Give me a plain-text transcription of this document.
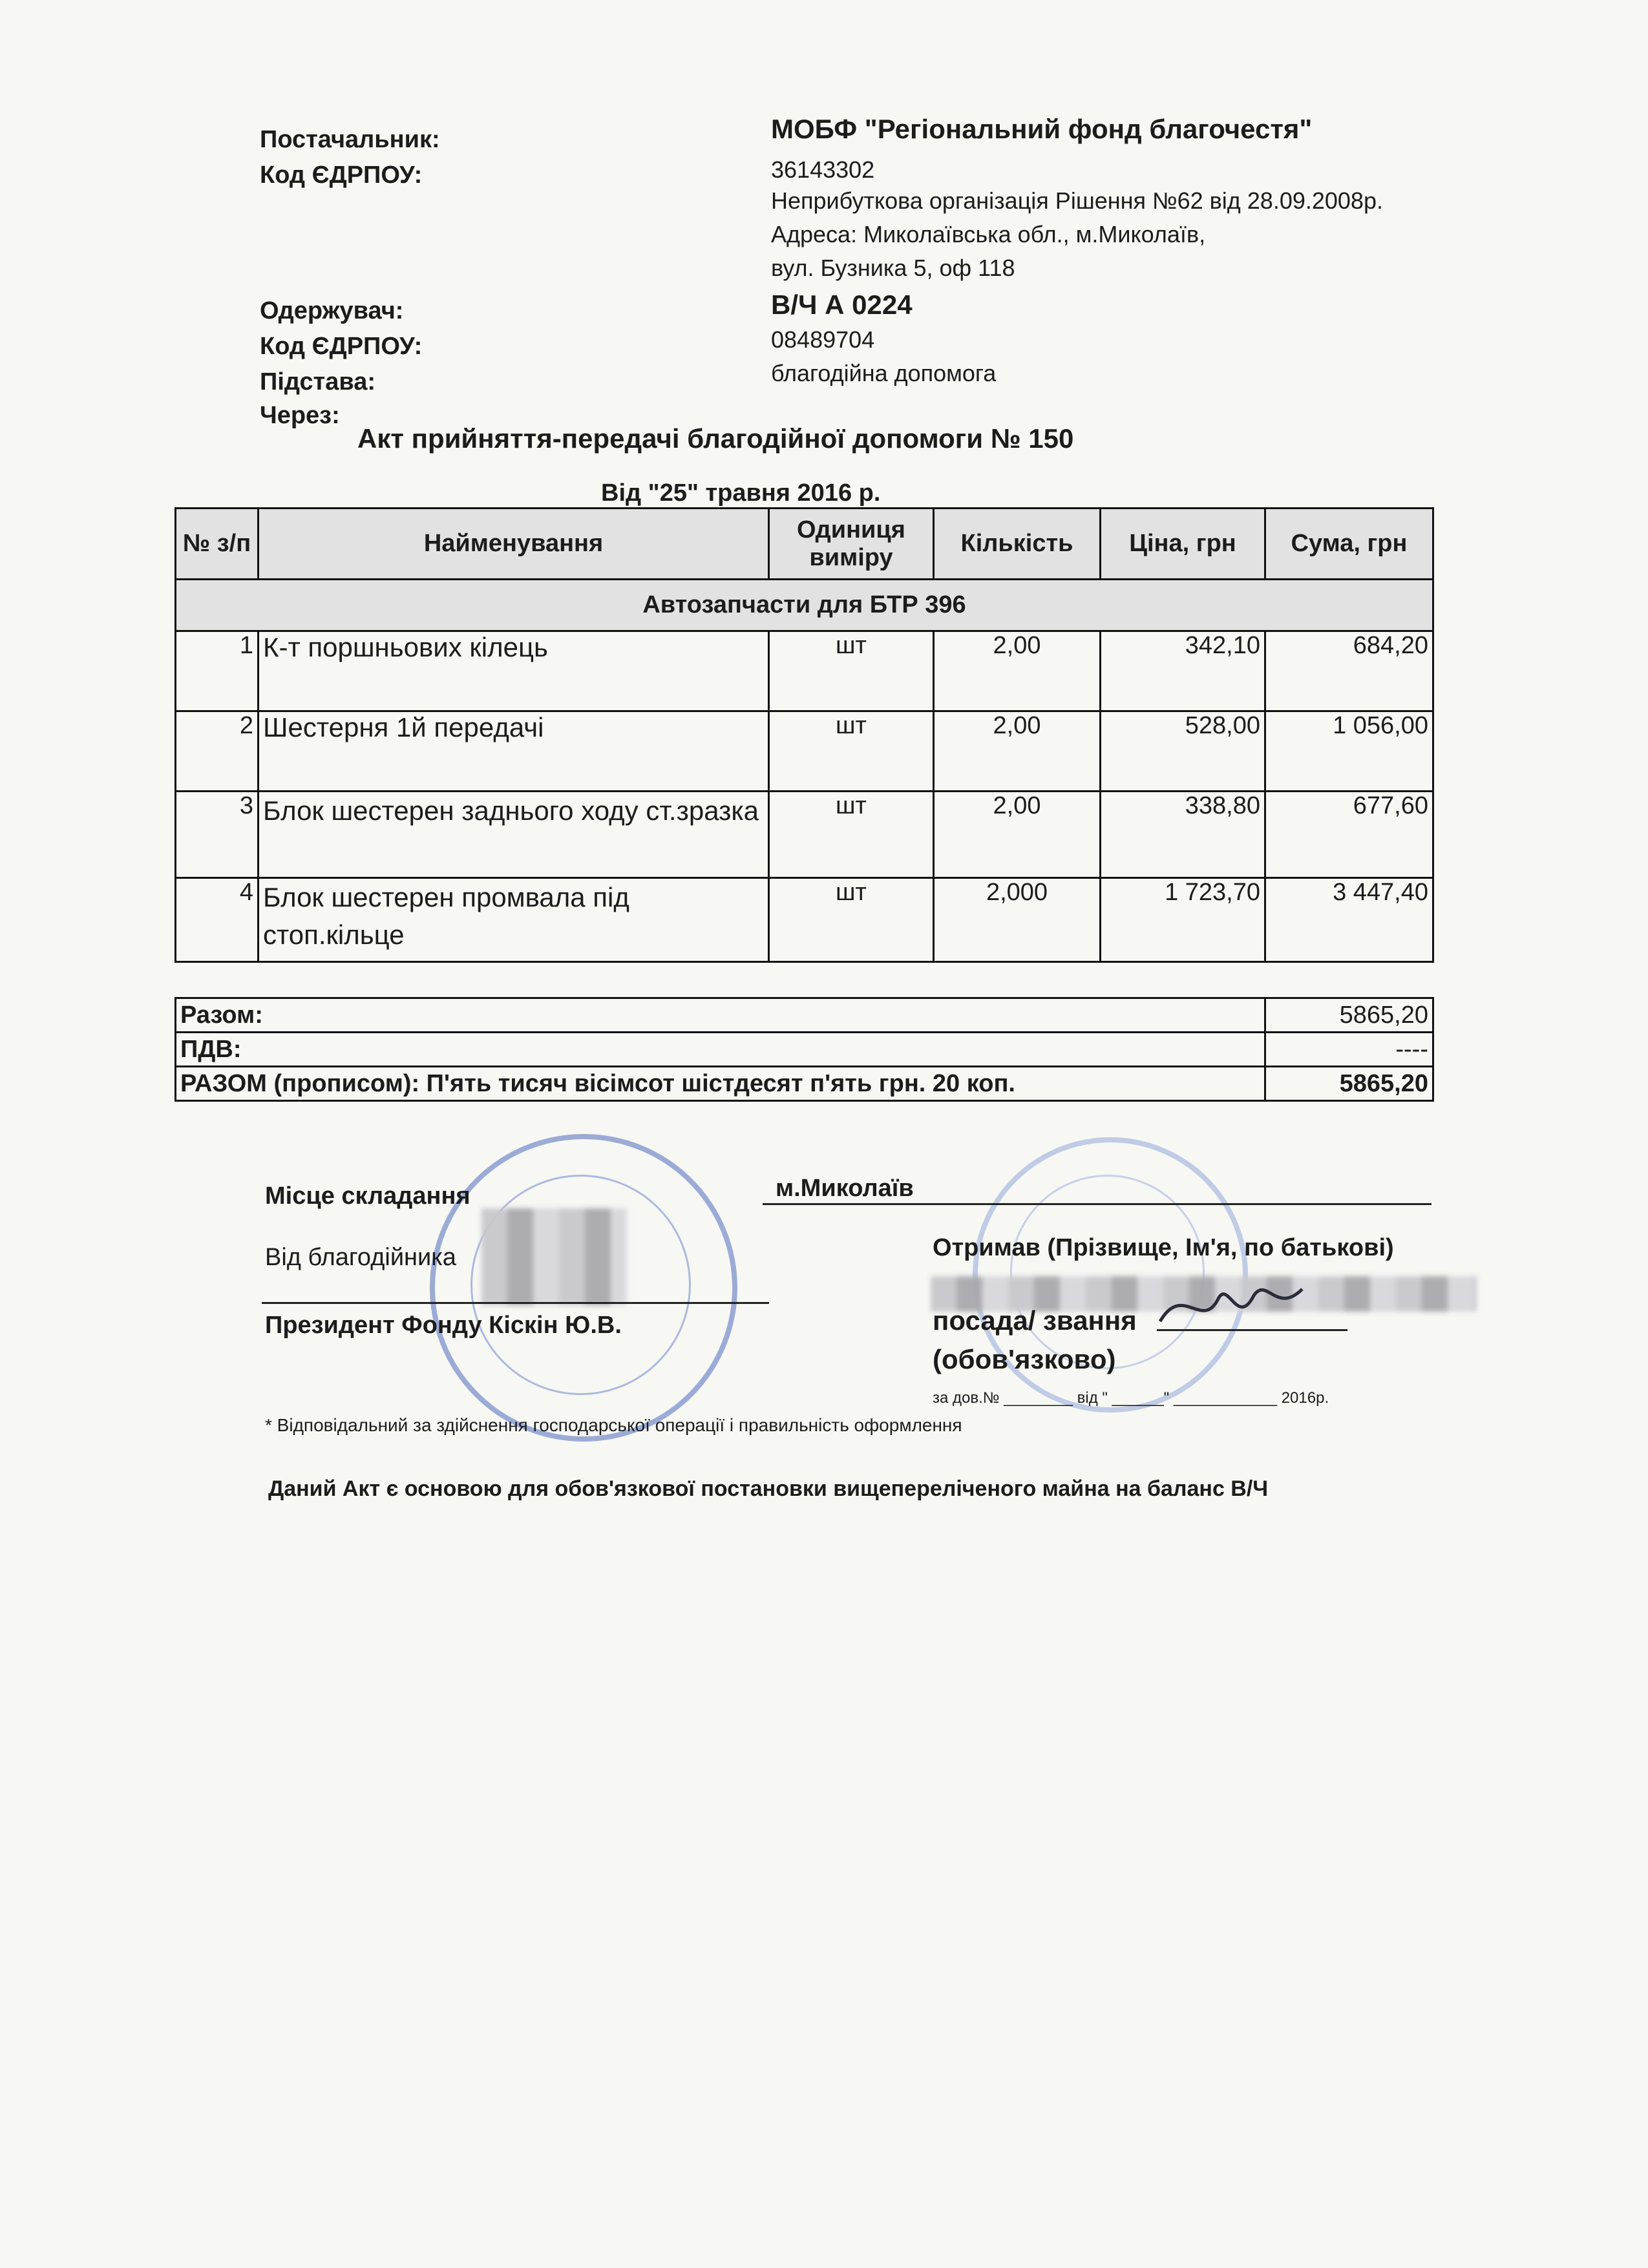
Постачальник:	МОБФ "Регіональний фонд благочестя"
Код ЄДРПОУ:	36143302
Неприбуткова організація Рішення №62 від 28.09.2008р.
Адреса: Миколаївська обл., м.Миколаїв,
вул. Бузника 5, оф 118
Одержувач:	В/Ч А 0224
Код ЄДРПОУ:	08489704
Підстава:	благодійна допомога
Через:
Акт прийняття-передачі благодійної допомоги № 150
Від "25" травня 2016 р.
№ з/п	Найменування	Одиниця виміру	Кількість	Ціна, грн	Сума, грн
Автозапчасти для БТР 396					
1	К-т поршньових кілець	шт	2,00	342,10	684,20
2	Шестерня 1й передачі	шт	2,00	528,00	1 056,00
3	Блок шестерен заднього ходу ст.зразка	шт	2,00	338,80	677,60
4	Блок шестерен промвала під стоп.кільце	шт	2,000	1 723,70	3 447,40
Разом:	5865,20
ПДВ:	----
РАЗОМ (прописом): П'ять тисяч вісімсот шістдесят п'ять грн. 20 коп.	5865,20
Місце складання	м.Миколаїв
Від благодійника	Отримав (Прізвище, Ім'я, по батькові)
Президент Фонду Кіскін Ю.В.	посада/ звання
(обов'язково)
за дов.№ ________ від " ______" ____________ 2016р.
* Відповідальний за здійснення господарської операції і правильність оформлення
Даний Акт є основою для обов'язкової постановки вищепереліченого майна на баланс В/Ч
